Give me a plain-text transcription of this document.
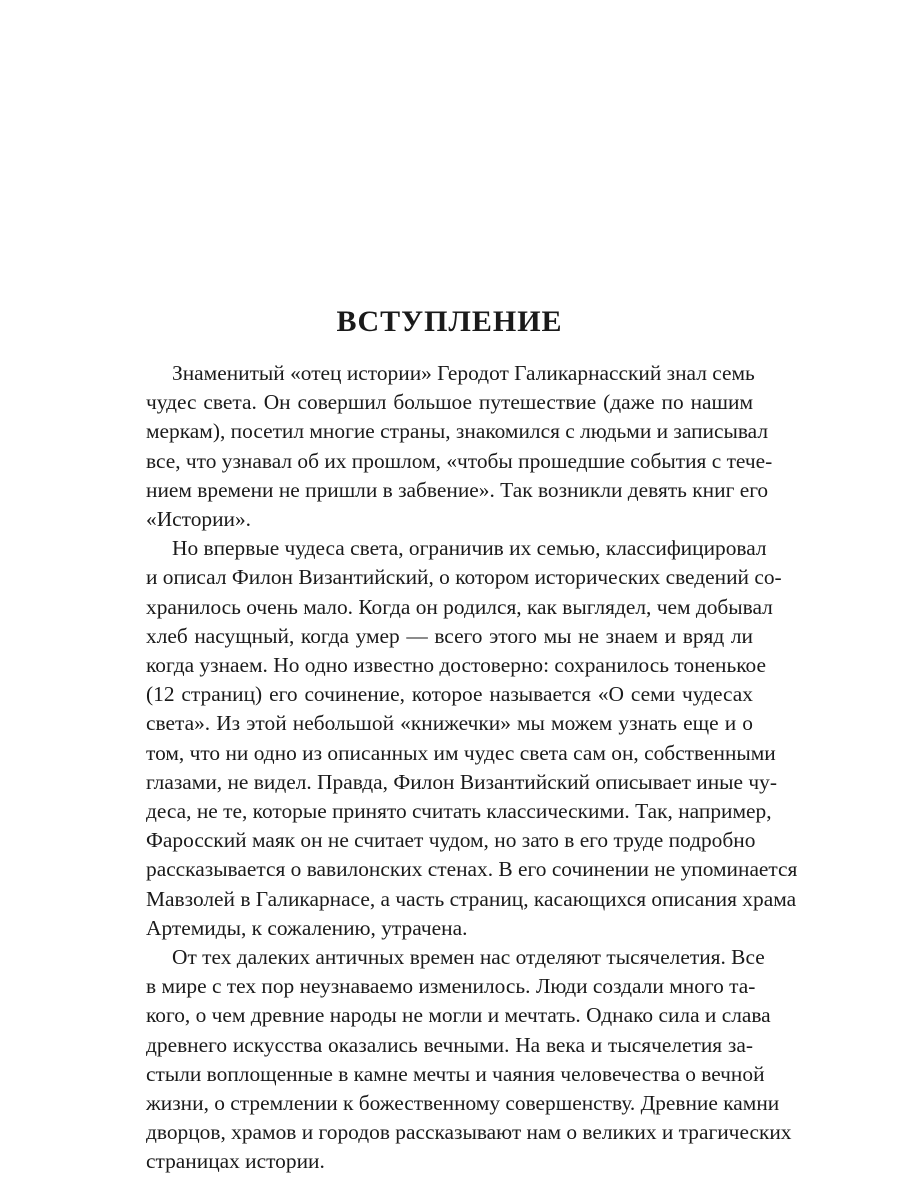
ВСТУПЛЕНИЕ

Знаменитый «отец истории» Геродот Галикарнасский знал семь
чудес света. Он совершил большое путешествие (даже по нашим
меркам), посетил многие страны, знакомился с людьми и записывал
все, что узнавал об их прошлом, «чтобы прошедшие события с тече-
нием времени не пришли в забвение». Так возникли девять книг его
«Истории».

Но впервые чудеса света, ограничив их семью, классифицировал
и описал Филон Византийский, о котором исторических сведений со-
хранилось очень мало. Когда он родился, как выглядел, чем добывал
хлеб насущный, когда умер — всего этого мы не знаем и вряд ли
когда узнаем. Но одно известно достоверно: сохранилось тоненькое
(12 страниц) его сочинение, которое называется «О семи чудесах
света». Из этой небольшой «книжечки» мы можем узнать еще и о
том, что ни одно из описанных им чудес света сам он, собственными
глазами, не видел. Правда, Филон Византийский описывает иные чу-
деса, не те, которые принято считать классическими. Так, например,
Фаросский маяк он не считает чудом, но зато в его труде подробно
рассказывается о вавилонских стенах. В его сочинении не упоминается
Мавзолей в Галикарнасе, а часть страниц, касающихся описания храма
Артемиды, к сожалению, утрачена.

От тех далеких античных времен нас отделяют тысячелетия. Все
в мире с тех пор неузнаваемо изменилось. Люди создали много та-
кого, о чем древние народы не могли и мечтать. Однако сила и слава
древнего искусства оказались вечными. На века и тысячелетия за-
стыли воплощенные в камне мечты и чаяния человечества о вечной
жизни, о стремлении к божественному совершенству. Древние камни
дворцов, храмов и городов рассказывают нам о великих и трагических
страницах истории.
